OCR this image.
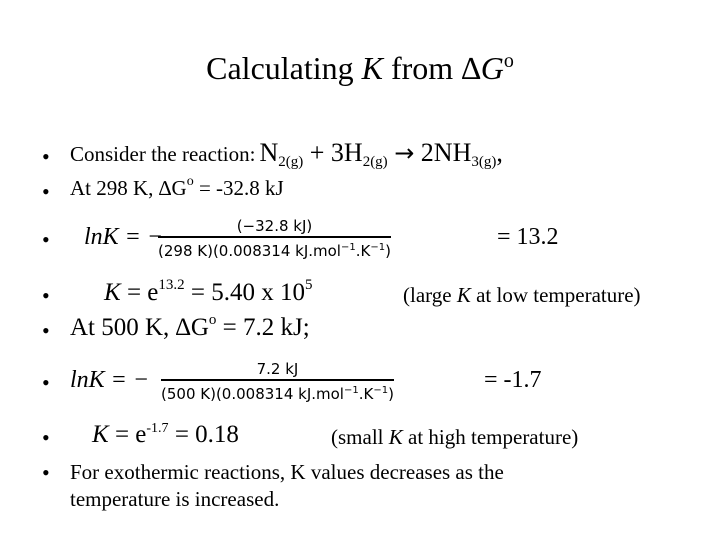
Calculating K from $\Delta G^o$
•
•
•
•
•
•
•
•
Consider the reaction: $N_{2(g)} + 3H_{2(g)} \to 2NH_{3(g)}$,
At 298 K, $\Delta G^o = -32.8$ kJ
lnK = −	(−32.8 kJ)
(298 K)(0.008314 $kJ.mol^{-1}.K^{-1}$)
= 13.2
$K = e^{13.2} = 5.40$ x $10^5$	(large K at low temperature)
At 500 K, $\Delta G^o = 7.2$ kJ;
lnK = −	7.2 kJ
(500 K)(0.008314 $kJ.mol^{-1}.K^{-1}$)
= -1.7
$K = e^{-1.7} = 0.18$	(small K at high temperature)
For exothermic reactions, K values decreases as the
temperature is increased.
